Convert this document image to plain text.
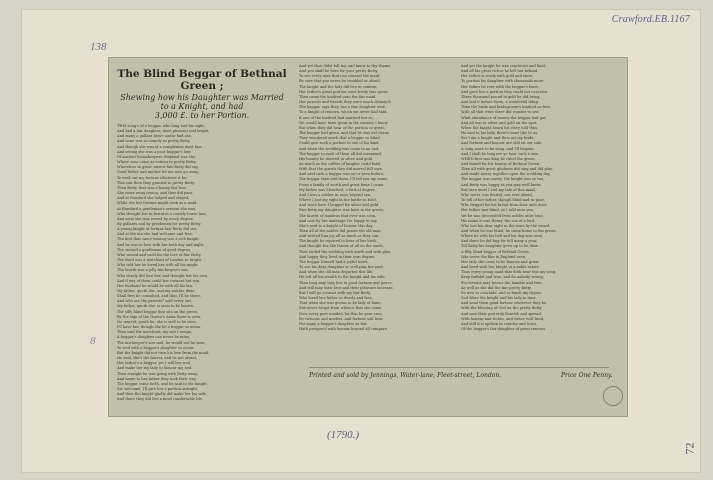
Crawford.EB.1167
138
8
(1790.)
72
The Blind Beggar of Bethnal Green ;
Shewing how his Daughter was Married to a Knight, and had
3,000 £. to her Portion.
THIS song's of a beggar, who long lost his sight,
And had a fair daughter, most pleasant and bright,
And many a gallant brave suitor had she,
And none was so comely as pretty Betty.
And though she was of a complexion most fair,
And seeing she was a poor beggar's heir,
Of ancient housekeepers despised was she,
Whose sons came as suitors to pretty Betty.
Wherefore in great sorrow fair Betty did say,
Good father and mother let me now go away,
To seek out my fortune whatever it be;
This suit then they granted to pretty Betty.
Then Betty, that was a bonny fair lass,
She came away crying, and thus did pass,
And at Rumford she lodged and stayed,
While she her fortune might seek as a maid.
At Rumford a gentleman's servant she was,
Who thought her in features a comely brave lass,
And soon she was wooed by every degree,
By gallants and by gentlemen for pretty Betty.
A young knight of fortune fair Betty did see,
And at the inn she had welcome and free,
The first that came wooing was a rich knight,
And he was in love with her both day and night.
The second a gentleman of good degree,
Who wooed and sued for the love of fair Betty,
The third was a merchant of London so bright,
Who told her he loved her with all his might.
The fourth was a jolly inn-keeper's son,
Who dearly did love her, and thought her his own,
And if any of them could her consent but win,
Her husband he would be with all his kin.
My father, quoth she, and my mother dear,
Shall first be consulted, and then I'll be there,
And who are thy parents? said every one,
My father, quoth she, is soon to be known.
The silly blind beggar that sits on the green,
By the sign of the Queen's Arms there is seen,
No marvel, quoth he, she is well to be seen,
I'll have her, though she be a beggar so mean.
Then said the merchant, my suit I resign,
A beggar's daughter can never be mine,
The inn-keeper's son said, he would not be seen,
To wed with a beggar's daughter so mean.
But the knight did not turn his love from the maid,
He said, she's the fairest, and be not afraid,
Her father's a beggar, yet I will her wed,
And make her my lady to honour my bed.
Then straight he was going with Betty away,
And home to her father they took their way,
The beggar came forth, and he said to the knight,
Sir, welcome, I'll give her a portion outright.
And then the knight gladly did make her his wife,
And there they did live a most comfortable life.
And yet thou didst tell my, and know to thy shame,
And you shall be here for your pretty Betty,
To see every man that can counsel the maid,
Be sure that you never be troubled or afraid,
The knight and the lady did live in content,
Her father's great portion most freely was spent,
Then came the kindred unto the fair maid,
Her parents and friends they were much dismay'd.
The beggar, says they, has a fine daughter wed,
To a knight of renown, which we never had said,
If one of the kindred had married her so,
We would have been great in the country I know.
But when they did hear of the portion so great,
The beggar had given, and that he was not cheat,
They wondered much that a beggar so blind,
Could give such a portion to one of his kind.
And when the wedding was come to an end,
The beggar to each of them all did commend,
His bounty he shewed in silver and gold,
As much as the coffers of knights could hold.
With that the guests they did marvel full sore,
And said such a beggar was ne'er seen before,
The beggar then told them, I'll tell you my name,
From a family of worth and great fame I came.
My father was Montford, a lord of degree,
And I was a soldier in wars beyond sea,
Where I lost my sight in the battle so bold,
And since have I begged for silver and gold.
Fair Betty my daughter was born in the green,
The fairest of maidens that ever was seen,
And now by her marriage I'm happy to say,
She's wed to a knight of honour this day.
Then all of the nobles did praise the old man,
And wished him joy all as much as they can,
The knight he rejoiced to hear of her birth,
And thought her the fairest of all on the earth.
Thus ended the wedding with mirth and with glee,
And happy they lived in their own degree,
The beggar himself had a joyful heart,
To see his dear daughter so well play her part.
And when the old man departed this life,
He left all his wealth to the knight and his wife,
Then long may they live in good fortune and peace,
And still may their love and their pleasure increase.
But I will go counsel with my fair Betty,
Who loved her father so dearly and free,
That when she was grown to be lady of fame,
She never forgot from whence that she came.
Now every poor maiden, let this be your care,
Be virtuous and modest, and fortune will bear,
For many a beggar's daughter as fair,
Hath prosper'd with honour beyond all compare.
And yet the knight he was courteous and kind,
And all his great riches he left her behind,
Her father is ready with gold and store,
To portion his daughter with thousands more.
Her father he rose with the beggar's leave,
And gave her a portion they could not conceive,
Three thousand pound in gold he did bring,
And laid it before them, a wonderful thing.
Then the bride and bridegroom's kindred so free,
With all that were there did wonder to see,
What abundance of money the beggar had got,
And all was in silver and gold on the spot.
When the knight heard his story told thus,
He said to his lady, there's none like to us,
For I am a knight and thou art my bride,
And fortune and honour are still on our side.
A song more to be sung, and I'll begone,
And I shall be long ere ye hear such a one,
WHEN first was king he ruled the green,
And famed for his beauty of Bethnal Green.
Then all with great gladness did sing and did play,
And made merry together upon the wedding day,
The beggar was merry, the knight was so too,
And Betty was happy as you may well know.
But here must I end my tale of this maid,
Who never was fearful, nor ever afraid,
To tell of her father, though blind and so poor,
Who begged for his bread from door unto door.
Her father was blind, as I told unto you,
Yet he was descended from nobles most true,
His name it was Henry, the son of a lord,
Who lost his dear sight in the wars by the sword.
And when he was blind, he came home to the green,
Where he with his bell and his dog was seen,
And there he did beg for full many a year,
Till Betty his daughter grew up to be dear.
A fifty blind beggar of Bethnal Green,
Was never the like in England seen,
Her lady she came to be famous and great,
And lived with her knight in a noble estate.
Thus every young maid that doth hear this my song,
Keep faithful and true, and do nobody wrong,
For fortune may favour the humble and free,
As well as she did the fair pretty Betty.
So now to conclude, and to finish my rhyme,
God bless the knight and his lady in time,
And send them good fortune wherever they be,
With the blessing of God on the pretty Betty.
And now their posterity flourish and spread,
With honour and riches, and virtue well bred,
And still it is spoken in country and town,
Of the beggar's fair daughter of great renown.
Printed and sold by Jennings, Water-lane, Fleet-street, London.	Price One Penny.
